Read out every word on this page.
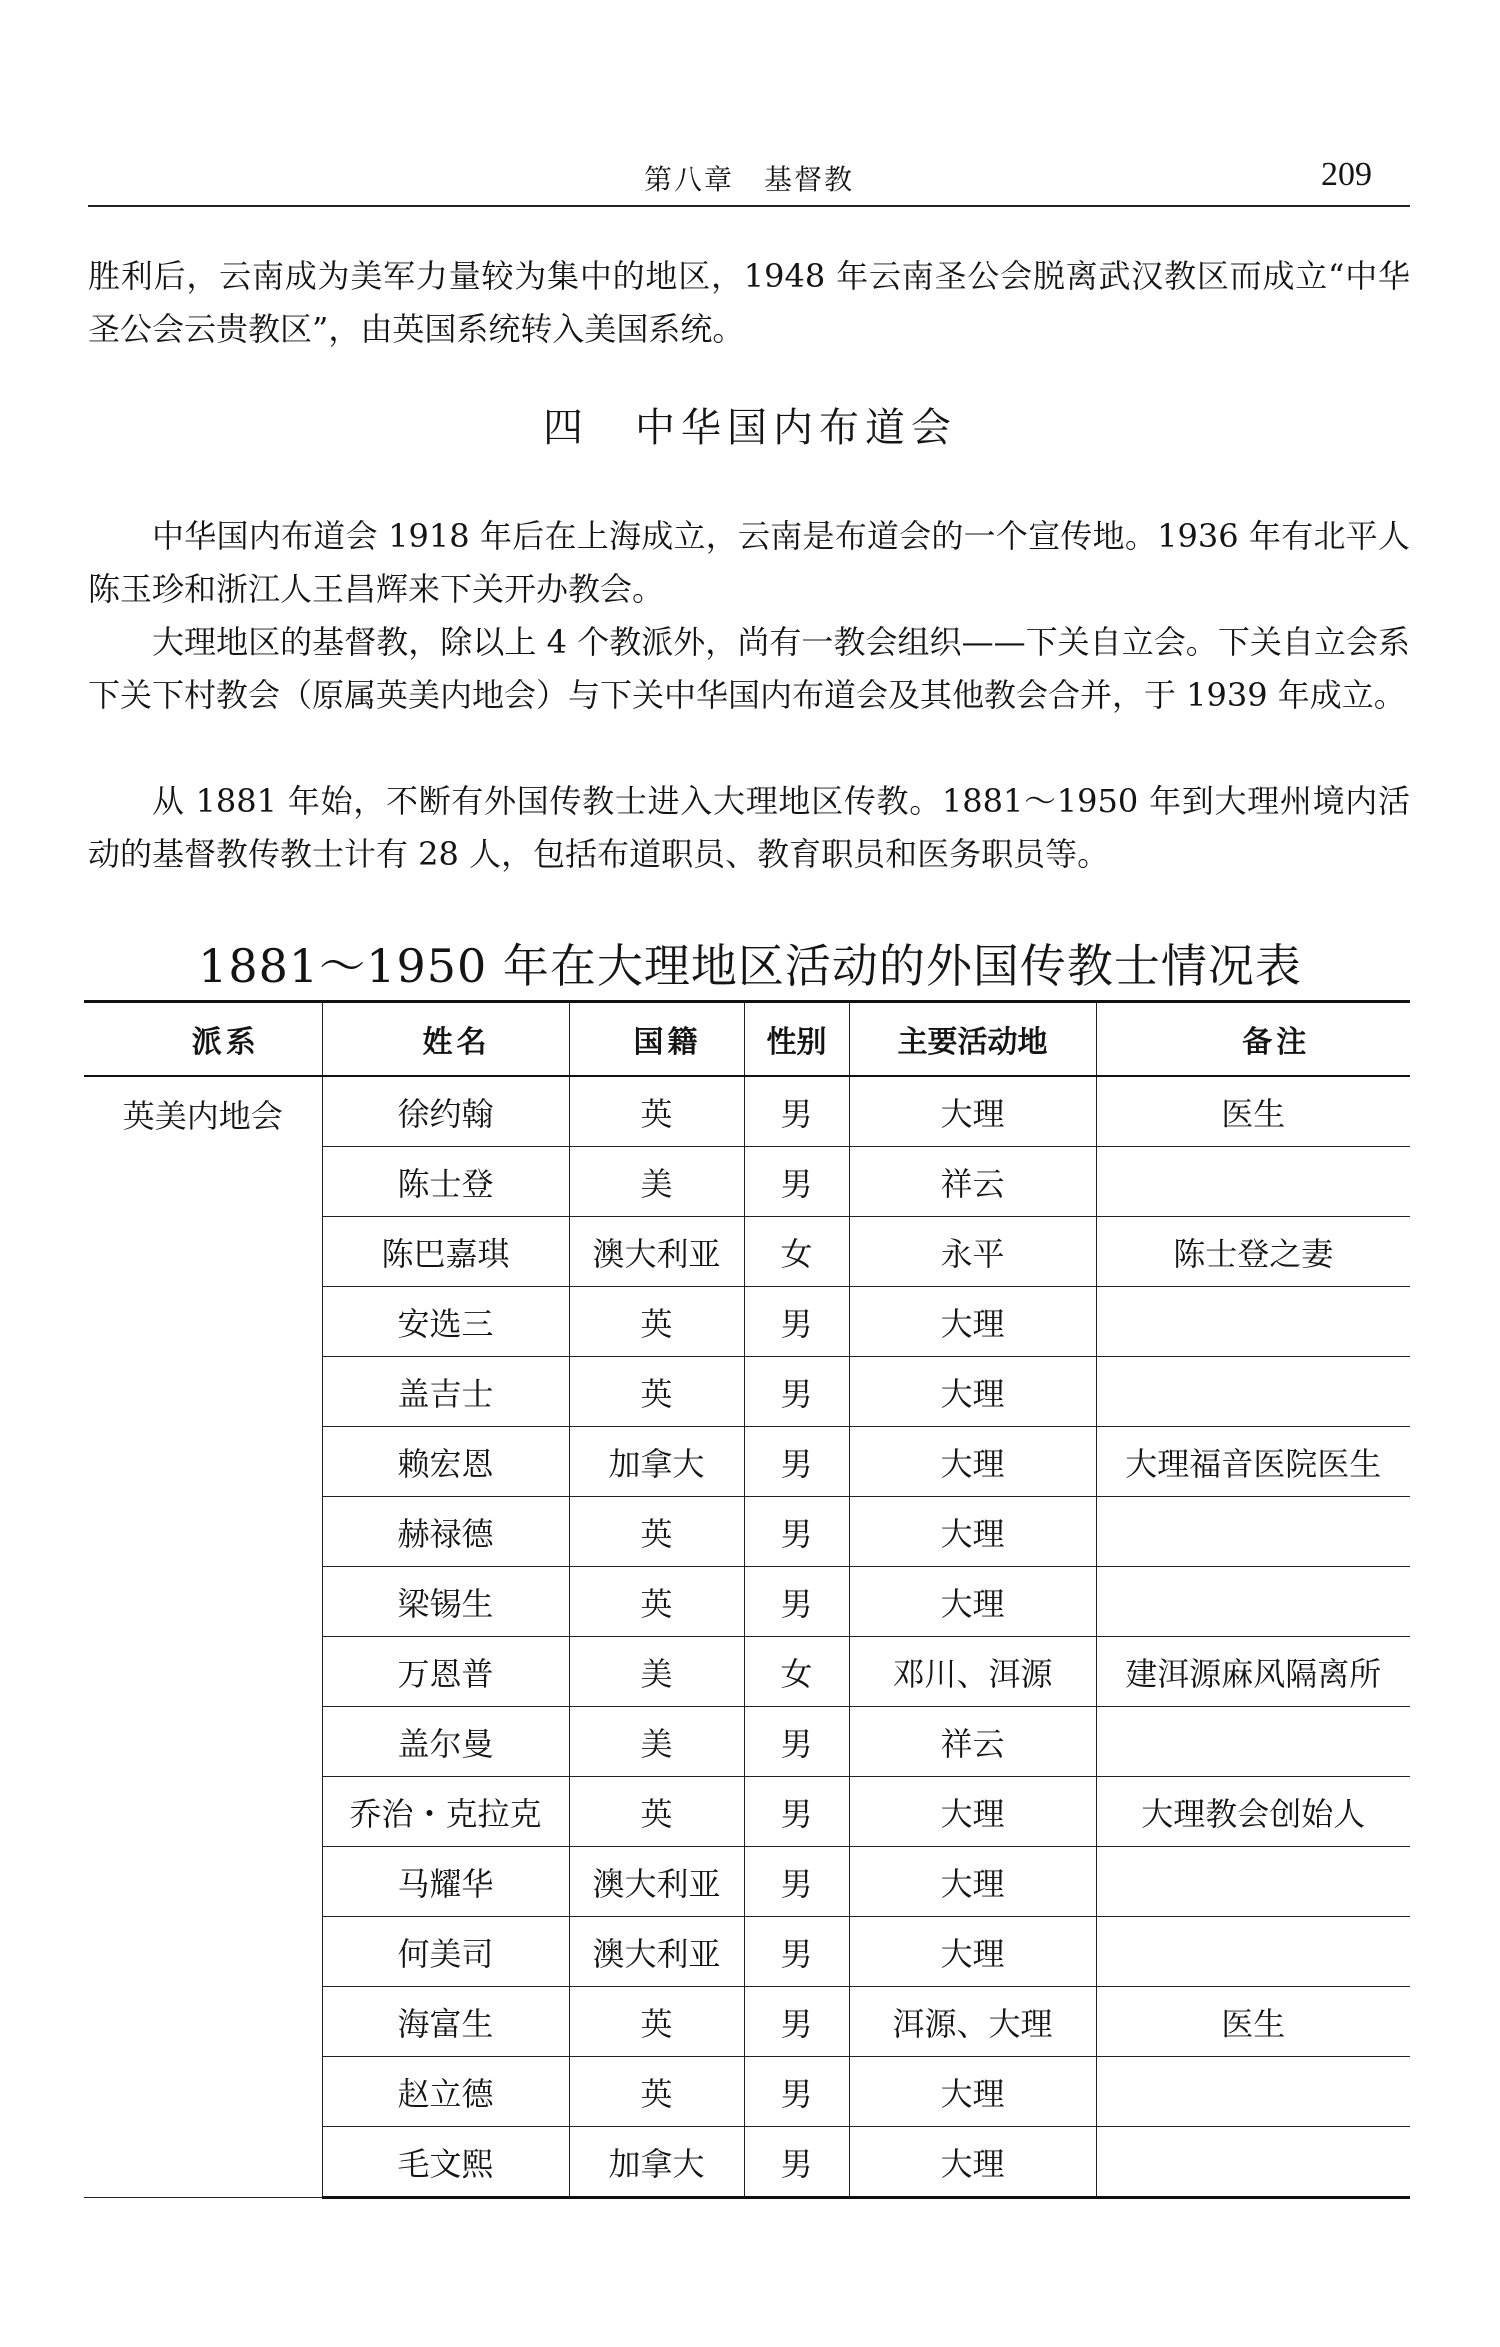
第八章　基督教	209

胜利后，云南成为美军力量较为集中的地区，1948 年云南圣公会脱离武汉教区而成立“中华圣公会云贵教区”，由英国系统转入美国系统。

四 中华国内布道会

中华国内布道会 1918 年后在上海成立，云南是布道会的一个宣传地。1936 年有北平人陈玉珍和浙江人王昌辉来下关开办教会。

大理地区的基督教，除以上 4 个教派外，尚有一教会组织——下关自立会。下关自立会系下关下村教会（原属英美内地会）与下关中华国内布道会及其他教会合并，于 1939 年成立。

从 1881 年始，不断有外国传教士进入大理地区传教。1881～1950 年到大理州境内活动的基督教传教士计有 28 人，包括布道职员、教育职员和医务职员等。

1881～1950 年在大理地区活动的外国传教士情况表
派系	姓名	国籍	性别	主要活动地	备注
英美内地会	徐约翰	英	男	大理	医生
	陈士登	美	男	祥云	
	陈巴嘉琪	澳大利亚	女	永平	陈士登之妻
	安选三	英	男	大理	
	盖吉士	英	男	大理	
	赖宏恩	加拿大	男	大理	大理福音医院医生
	赫禄德	英	男	大理	
	梁锡生	英	男	大理	
	万恩普	美	女	邓川、洱源	建洱源麻风隔离所
	盖尔曼	美	男	祥云	
	乔治・克拉克	英	男	大理	大理教会创始人
	马耀华	澳大利亚	男	大理	
	何美司	澳大利亚	男	大理	
	海富生	英	男	洱源、大理	医生
	赵立德	英	男	大理	
	毛文熙	加拿大	男	大理	
